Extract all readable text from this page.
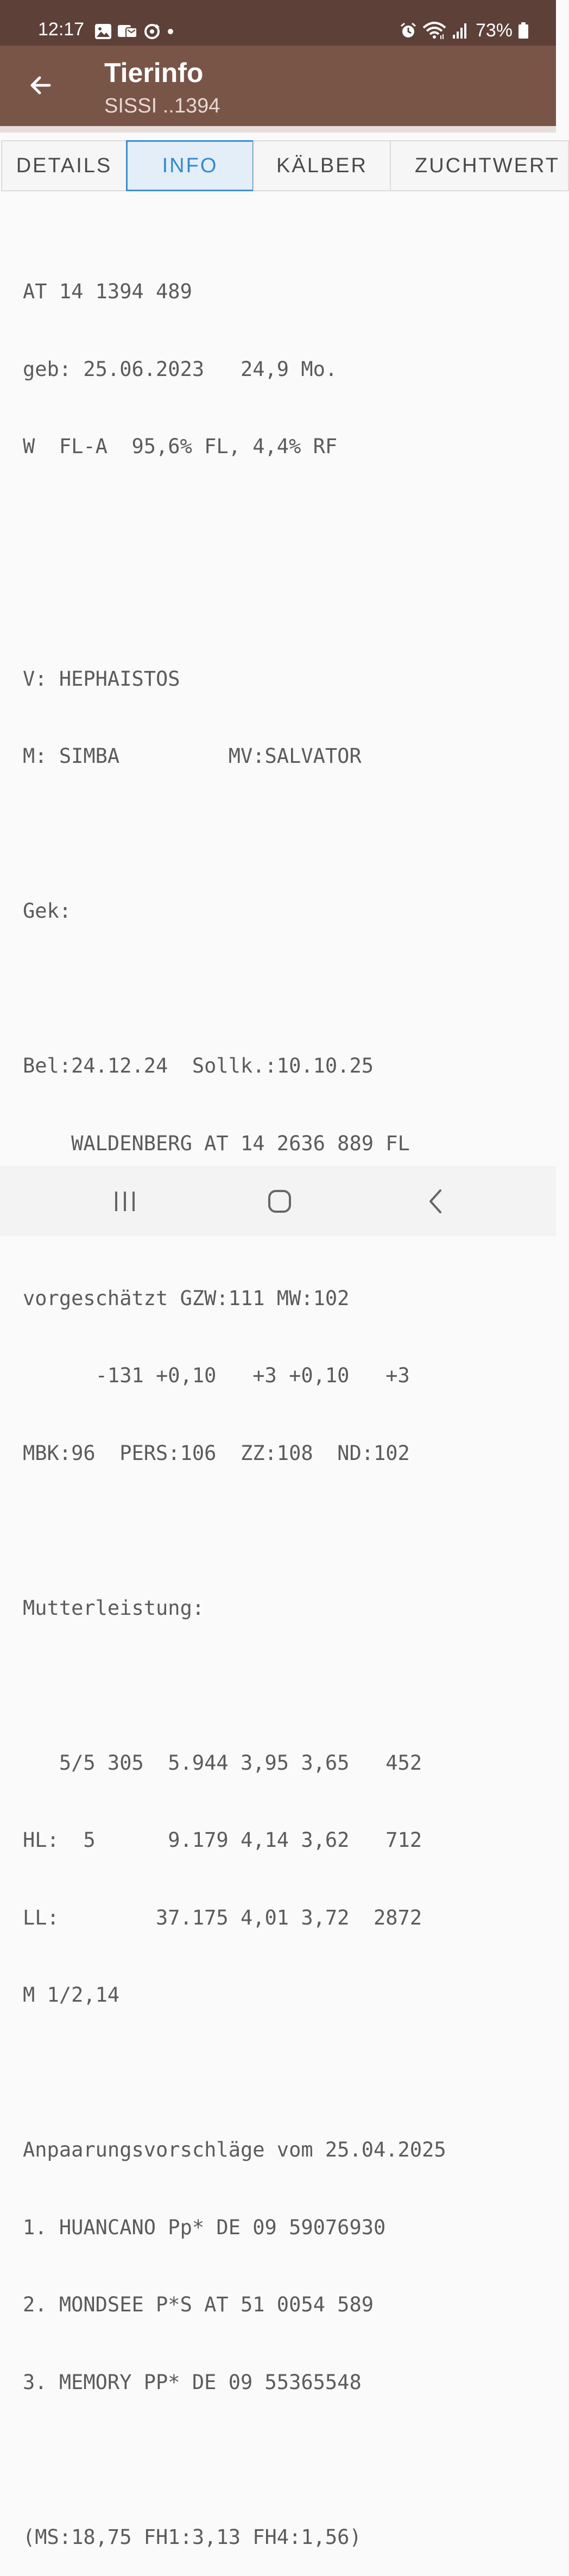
12:17	73%
Tierinfo
SISSI ..1394
DETAILS INFO	KÄLBER ZUCHTWERT

AT 14 1394 489

geb: 25.06.2023   24,9 Mo.

W  FL-A  95,6% FL, 4,4% RF

V: HEPHAISTOS

M: SIMBA         MV:SALVATOR

Gek:

Bel:24.12.24  Sollk.:10.10.25

WALDENBERG AT 14 2636 889 FL

vorgeschätzt GZW:111 MW:102

-131 +0,10   +3 +0,10   +3

MBK:96  PERS:106  ZZ:108  ND:102

Mutterleistung:

5/5 305  5.944 3,95 3,65   452

HL:  5      9.179 4,14 3,62   712

LL:        37.175 4,01 3,72  2872

M 1/2,14

Anpaarungsvorschläge vom 25.04.2025

1. HUANCANO Pp* DE 09 59076930

2. MONDSEE P*S AT 51 0054 589

3. MEMORY PP* DE 09 55365548

(MS:18,75 FH1:3,13 FH4:1,56)
